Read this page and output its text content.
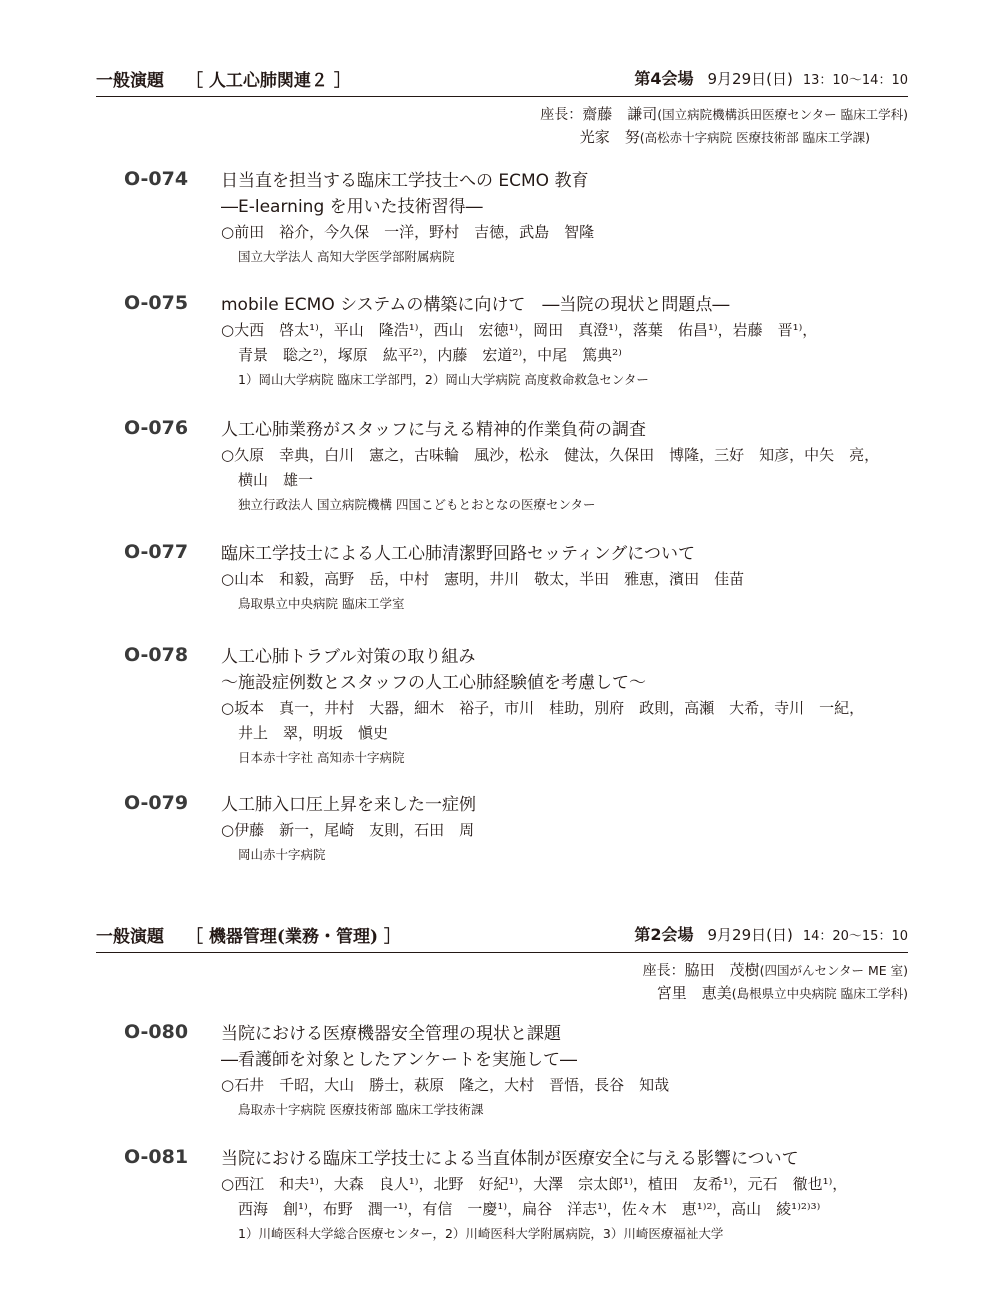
一般演題 ［ 人工心肺関連２ ］	第4会場 9月29日(日) 13：10～14：10
座長：齋藤　謙司(国立病院機構浜田医療センター 臨床工学科)
光家　努(高松赤十字病院 医療技術部 臨床工学課)
O-074 日当直を担当する臨床工学技士への ECMO 教育
―E-learning を用いた技術習得―
○前田　裕介，今久保　一洋，野村　吉徳，武島　智隆
国立大学法人 高知大学医学部附属病院
O-075 mobile ECMO システムの構築に向けて　―当院の現状と問題点―
○大西　啓太¹⁾，平山　隆浩¹⁾，西山　宏徳¹⁾，岡田　真澄¹⁾，落葉　佑昌¹⁾，岩藤　晋¹⁾，
青景　聡之²⁾，塚原　紘平²⁾，内藤　宏道²⁾，中尾　篤典²⁾
1）岡山大学病院 臨床工学部門，2）岡山大学病院 高度救命救急センター
O-076 人工心肺業務がスタッフに与える精神的作業負荷の調査
○久原　幸典，白川　憲之，古味輪　風沙，松永　健汰，久保田　博隆，三好　知彦，中矢　亮，
横山　雄一
独立行政法人 国立病院機構 四国こどもとおとなの医療センター
O-077 臨床工学技士による人工心肺清潔野回路セッティングについて
○山本　和毅，高野　岳，中村　憲明，井川　敬太，半田　雅恵，濱田　佳苗
鳥取県立中央病院 臨床工学室
O-078 人工心肺トラブル対策の取り組み
～施設症例数とスタッフの人工心肺経験値を考慮して～
○坂本　真一，井村　大器，細木　裕子，市川　桂助，別府　政則，高瀬　大希，寺川　一紀，
井上　翠，明坂　愼史
日本赤十字社 高知赤十字病院
O-079 人工肺入口圧上昇を来した一症例
○伊藤　新一，尾崎　友則，石田　周
岡山赤十字病院
一般演題 ［ 機器管理(業務・管理) ］	第2会場 9月29日(日) 14：20～15：10
座長：脇田　茂樹(四国がんセンター ME 室)
宮里　恵美(島根県立中央病院 臨床工学科)
O-080 当院における医療機器安全管理の現状と課題
―看護師を対象としたアンケートを実施して―
○石井　千昭，大山　勝士，萩原　隆之，大村　晋悟，長谷　知哉
鳥取赤十字病院 医療技術部 臨床工学技術課
O-081 当院における臨床工学技士による当直体制が医療安全に与える影響について
○西江　和夫¹⁾，大森　良人¹⁾，北野　好紀¹⁾，大澤　宗太郎¹⁾，植田　友希¹⁾，元石　徹也¹⁾，
西海　創¹⁾，布野　潤一¹⁾，有信　一慶¹⁾，扁谷　洋志¹⁾，佐々木　恵¹⁾²⁾，高山　綾¹⁾²⁾³⁾
1）川崎医科大学総合医療センター，2）川崎医科大学附属病院，3）川崎医療福祉大学
